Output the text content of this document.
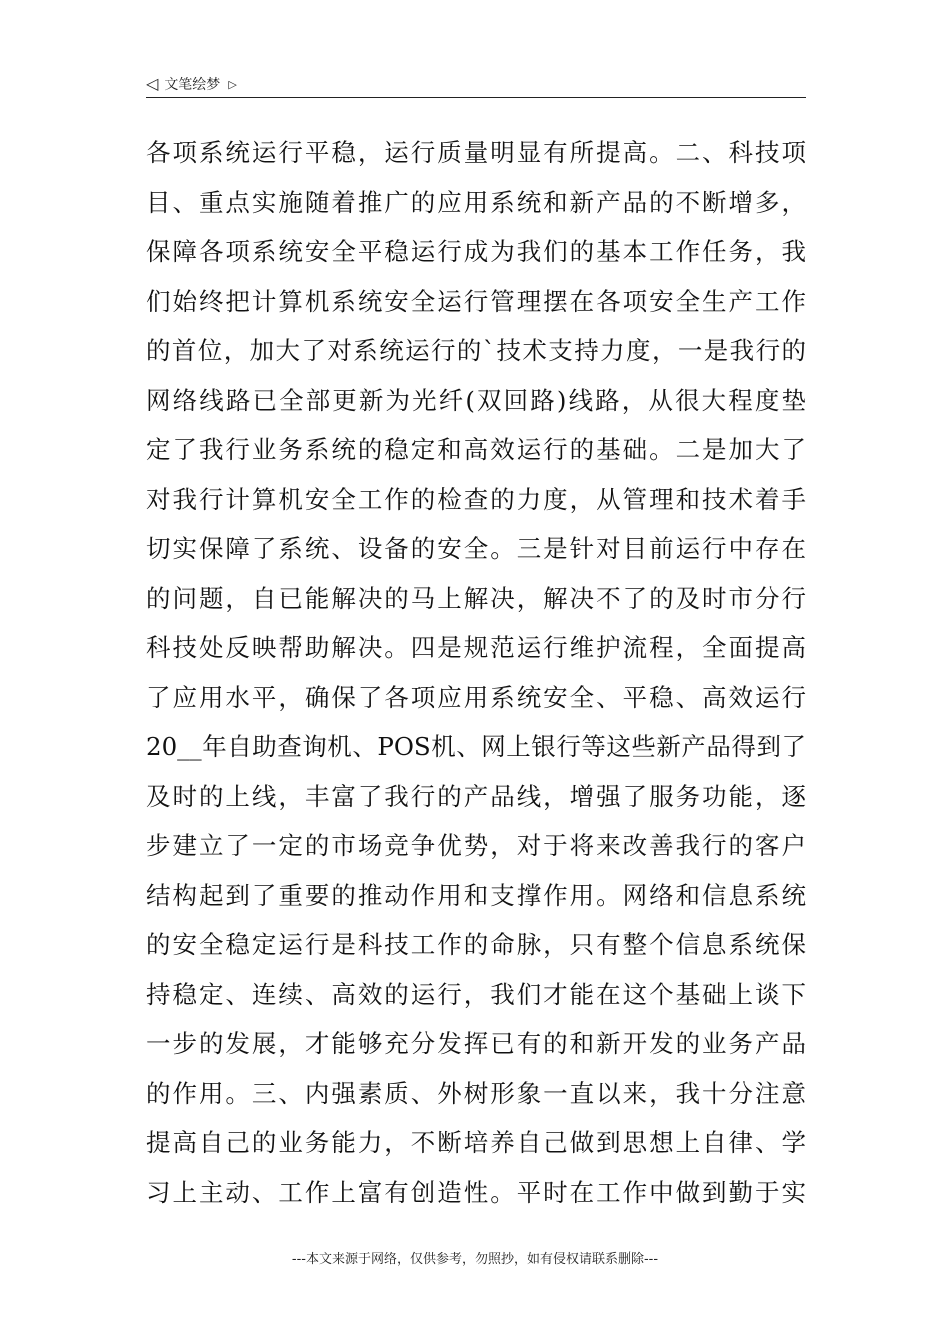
◁ 文笔绘梦 ▷
各项系统运行平稳，运行质量明显有所提高。二、科技项
目、重点实施随着推广的应用系统和新产品的不断增多，
保障各项系统安全平稳运行成为我们的基本工作任务，我
们始终把计算机系统安全运行管理摆在各项安全生产工作
的首位，加大了对系统运行的`技术支持力度，一是我行的
网络线路已全部更新为光纤(双回路)线路，从很大程度垫
定了我行业务系统的稳定和高效运行的基础。二是加大了
对我行计算机安全工作的检查的力度，从管理和技术着手
切实保障了系统、设备的安全。三是针对目前运行中存在
的问题，自已能解决的马上解决，解决不了的及时市分行
科技处反映帮助解决。四是规范运行维护流程，全面提高
了应用水平，确保了各项应用系统安全、平稳、高效运行
20__年自助查询机、POS机、网上银行等这些新产品得到了
及时的上线，丰富了我行的产品线，增强了服务功能，逐
步建立了一定的市场竞争优势，对于将来改善我行的客户
结构起到了重要的推动作用和支撑作用。网络和信息系统
的安全稳定运行是科技工作的命脉，只有整个信息系统保
持稳定、连续、高效的运行，我们才能在这个基础上谈下
一步的发展，才能够充分发挥已有的和新开发的业务产品
的作用。三、内强素质、外树形象一直以来，我十分注意
提高自己的业务能力，不断培养自己做到思想上自律、学
习上主动、工作上富有创造性。平时在工作中做到勤于实
---本文来源于网络，仅供参考，勿照抄，如有侵权请联系删除---
